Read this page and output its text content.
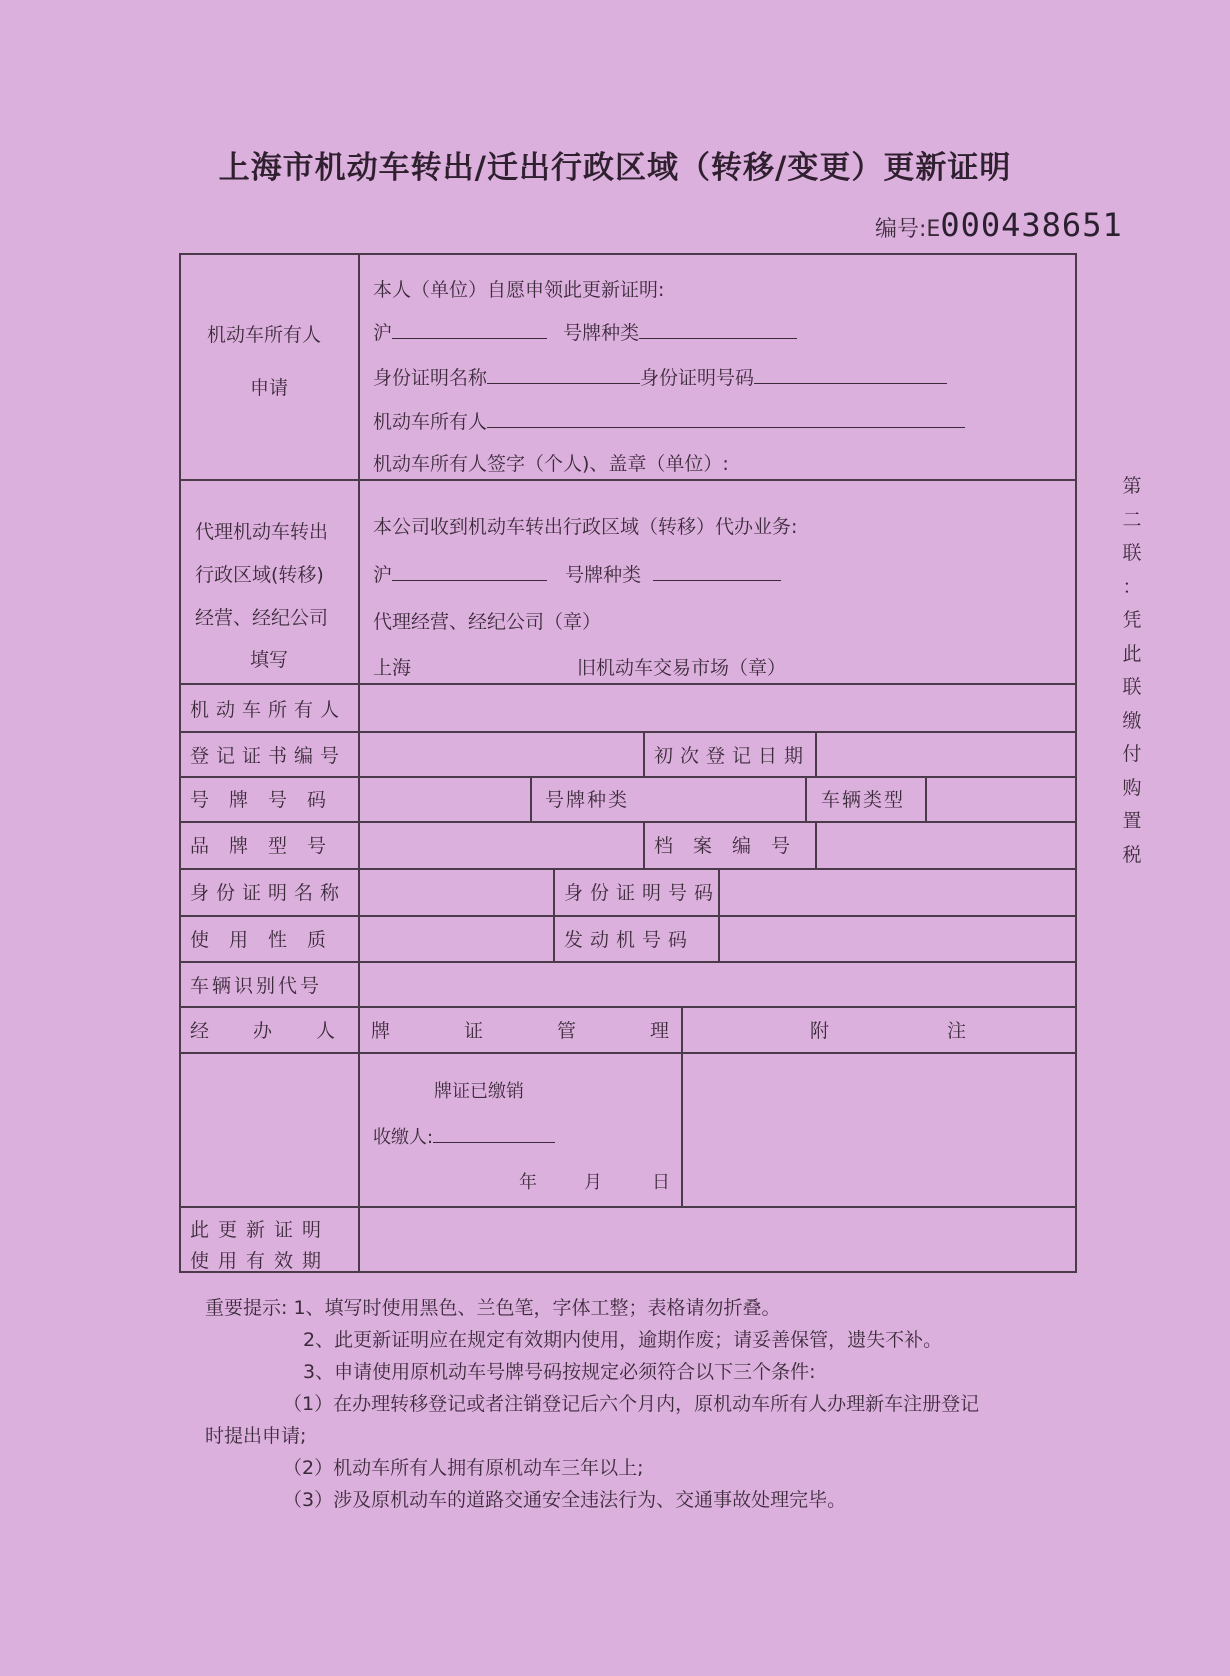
上海市机动车转出/迁出行政区域（转移/变更）更新证明
编号:E000438651
机动车所有人
申请
本人（单位）自愿申领此更新证明:
沪	号牌种类
身份证明名称	身份证明号码
机动车所有人
机动车所有人签字（个人)、盖章（单位）:
代理机动车转出
行政区域(转移)
经营、经纪公司
填写
本公司收到机动车转出行政区域（转移）代办业务:
沪	号牌种类
代理经营、经纪公司（章）
上海	旧机动车交易市场（章）
机动车所有人
登记证书编号	初次登记日期
号牌号码	号牌种类	车辆类型
品牌型号	档案编号
身份证明名称	身份证明号码
使用性质	发动机号码
车辆识别代号
经办人
牌证管理	附注
牌证已缴销
收缴人:
年	月	日
此更新证明
使用有效期
第
二
联
：
凭
此
联
缴
付
购
置
税
重要提示: 1、填写时使用黑色、兰色笔，字体工整；表格请勿折叠。
2、此更新证明应在规定有效期内使用，逾期作废；请妥善保管，遗失不补。
3、申请使用原机动车号牌号码按规定必须符合以下三个条件:
（1）在办理转移登记或者注销登记后六个月内，原机动车所有人办理新车注册登记
时提出申请;
（2）机动车所有人拥有原机动车三年以上;
（3）涉及原机动车的道路交通安全违法行为、交通事故处理完毕。
